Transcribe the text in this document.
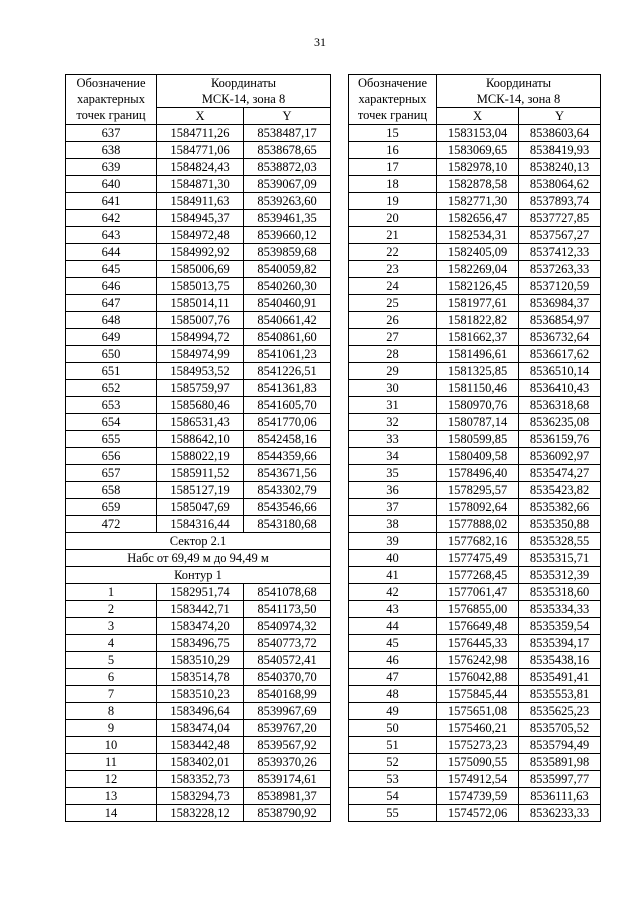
31
Обозначение
характерных
точек границ	Координаты
МСК-14, зона 8	

	X	Y
637	1584711,26	8538487,17
638	1584771,06	8538678,65
639	1584824,43	8538872,03
640	1584871,30	8539067,09
641	1584911,63	8539263,60
642	1584945,37	8539461,35
643	1584972,48	8539660,12
644	1584992,92	8539859,68
645	1585006,69	8540059,82
646	1585013,75	8540260,30
647	1585014,11	8540460,91
648	1585007,76	8540661,42
649	1584994,72	8540861,60
650	1584974,99	8541061,23
651	1584953,52	8541226,51
652	1585759,97	8541361,83
653	1585680,46	8541605,70
654	1586531,43	8541770,06
655	1588642,10	8542458,16
656	1588022,19	8544359,66
657	1585911,52	8543671,56
658	1585127,19	8543302,79
659	1585047,69	8543546,66
472	1584316,44	8543180,68
Сектор 2.1		
Набс от 69,49 м до 94,49 м		
Контур 1		
1	1582951,74	8541078,68
2	1583442,71	8541173,50
3	1583474,20	8540974,32
4	1583496,75	8540773,72
5	1583510,29	8540572,41
6	1583514,78	8540370,70
7	1583510,23	8540168,99
8	1583496,64	8539967,69
9	1583474,04	8539767,20
10	1583442,48	8539567,92
11	1583402,01	8539370,26
12	1583352,73	8539174,61
13	1583294,73	8538981,37
14	1583228,12	8538790,92
Обозначение
характерных
точек границ	Координаты
МСК-14, зона 8	

	X	Y
15	1583153,04	8538603,64
16	1583069,65	8538419,93
17	1582978,10	8538240,13
18	1582878,58	8538064,62
19	1582771,30	8537893,74
20	1582656,47	8537727,85
21	1582534,31	8537567,27
22	1582405,09	8537412,33
23	1582269,04	8537263,33
24	1582126,45	8537120,59
25	1581977,61	8536984,37
26	1581822,82	8536854,97
27	1581662,37	8536732,64
28	1581496,61	8536617,62
29	1581325,85	8536510,14
30	1581150,46	8536410,43
31	1580970,76	8536318,68
32	1580787,14	8536235,08
33	1580599,85	8536159,76
34	1580409,58	8536092,97
35	1578496,40	8535474,27
36	1578295,57	8535423,82
37	1578092,64	8535382,66
38	1577888,02	8535350,88
39	1577682,16	8535328,55
40	1577475,49	8535315,71
41	1577268,45	8535312,39
42	1577061,47	8535318,60
43	1576855,00	8535334,33
44	1576649,48	8535359,54
45	1576445,33	8535394,17
46	1576242,98	8535438,16
47	1576042,88	8535491,41
48	1575845,44	8535553,81
49	1575651,08	8535625,23
50	1575460,21	8535705,52
51	1575273,23	8535794,49
52	1575090,55	8535891,98
53	1574912,54	8535997,77
54	1574739,59	8536111,63
55	1574572,06	8536233,33
